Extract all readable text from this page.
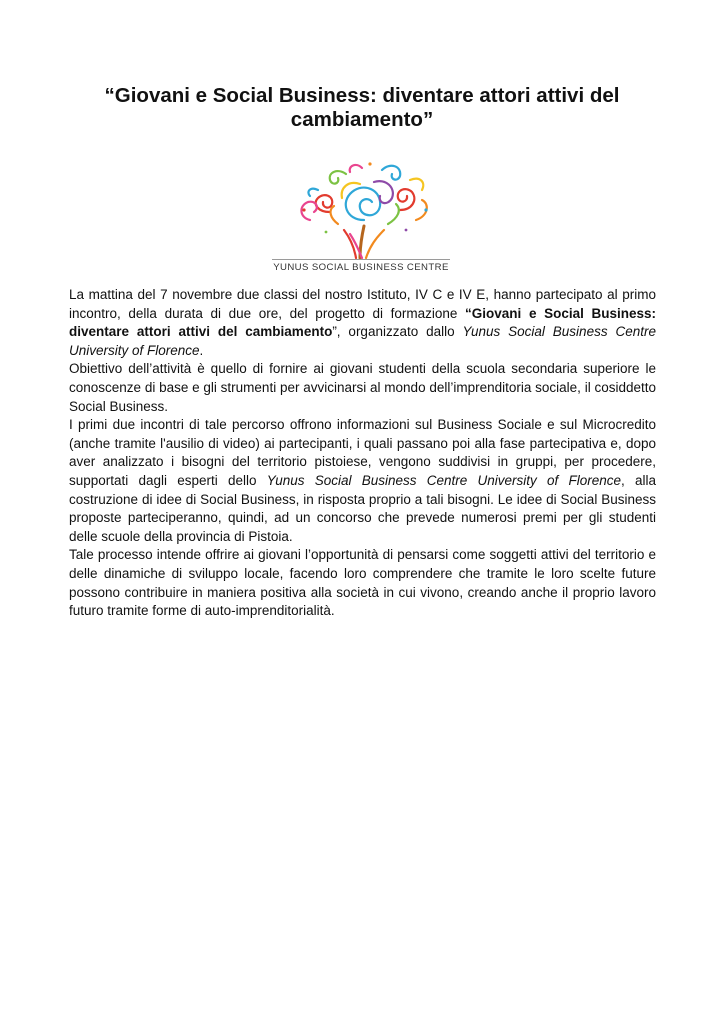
“Giovani e Social Business: diventare attori attivi del cambiamento”
YUNUS SOCIAL BUSINESS CENTRE

La mattina del 7 novembre due classi del nostro Istituto, IV C e IV E, hanno partecipato al primo incontro, della durata di due ore, del progetto di formazione “Giovani e Social Business: diventare attori attivi del cambiamento”, organizzato dallo Yunus Social Business Centre University of Florence.

Obiettivo dell’attività è quello di fornire ai giovani studenti della scuola secondaria superiore le conoscenze di base e gli strumenti per avvicinarsi al mondo dell’imprenditoria sociale, il cosiddetto Social Business.

I primi due incontri di tale percorso offrono informazioni sul Business Sociale e sul Microcredito (anche tramite l'ausilio di video) ai partecipanti, i quali passano poi alla fase partecipativa e, dopo aver analizzato i bisogni del territorio pistoiese, vengono suddivisi in gruppi, per procedere, supportati dagli esperti dello Yunus Social Business Centre University of Florence, alla costruzione di idee di Social Business, in risposta proprio a tali bisogni. Le idee di Social Business proposte parteciperanno, quindi, ad un concorso che prevede numerosi premi per gli studenti delle scuole della provincia di Pistoia.

Tale processo intende offrire ai giovani l’opportunità di pensarsi come soggetti attivi del territorio e delle dinamiche di sviluppo locale, facendo loro comprendere che tramite le loro scelte future possono contribuire in maniera positiva alla società in cui vivono, creando anche il proprio lavoro futuro tramite forme di auto-imprenditorialità.
